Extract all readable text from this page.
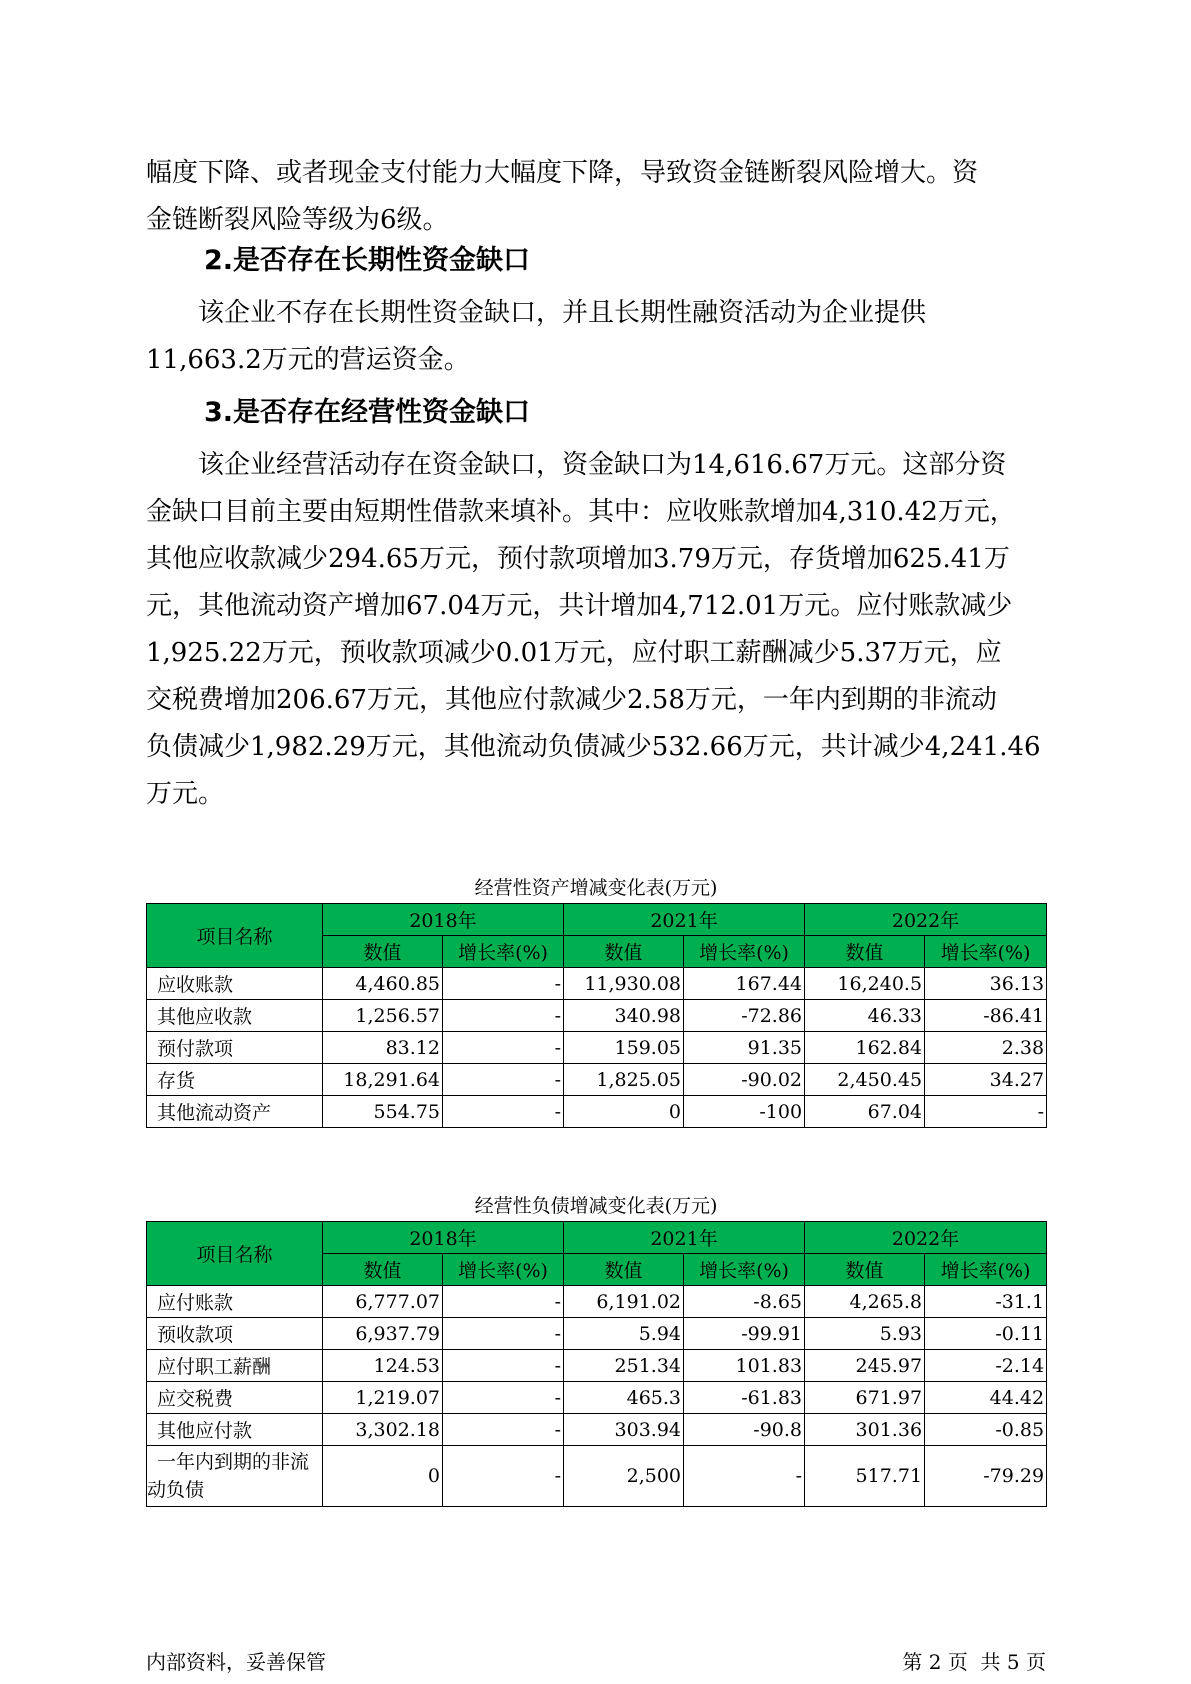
幅度下降、或者现金支付能力大幅度下降，导致资金链断裂风险增大。资
金链断裂风险等级为6级。
2.是否存在长期性资金缺口
　　该企业不存在长期性资金缺口，并且长期性融资活动为企业提供
11,663.2万元的营运资金。
3.是否存在经营性资金缺口
　　该企业经营活动存在资金缺口，资金缺口为14,616.67万元。这部分资
金缺口目前主要由短期性借款来填补。其中：应收账款增加4,310.42万元，
其他应收款减少294.65万元，预付款项增加3.79万元，存货增加625.41万
元，其他流动资产增加67.04万元，共计增加4,712.01万元。应付账款减少
1,925.22万元，预收款项减少0.01万元，应付职工薪酬减少5.37万元，应
交税费增加206.67万元，其他应付款减少2.58万元，一年内到期的非流动
负债减少1,982.29万元，其他流动负债减少532.66万元，共计减少4,241.46
万元。
经营性资产增减变化表(万元)
项目名称	2018年		2021年		2022年	
	数值	增长率(%)	数值	增长率(%)	数值	增长率(%)
应收账款	4,460.85	-	11,930.08	167.44	16,240.5	36.13
其他应收款	1,256.57	-	340.98	-72.86	46.33	-86.41
预付款项	83.12	-	159.05	91.35	162.84	2.38
存货	18,291.64	-	1,825.05	-90.02	2,450.45	34.27
其他流动资产	554.75	-	0	-100	67.04	-
经营性负债增减变化表(万元)
项目名称	2018年		2021年		2022年	
	数值	增长率(%)	数值	增长率(%)	数值	增长率(%)
应付账款	6,777.07	-	6,191.02	-8.65	4,265.8	-31.1
预收款项	6,937.79	-	5.94	-99.91	5.93	-0.11
应付职工薪酬	124.53	-	251.34	101.83	245.97	-2.14
应交税费	1,219.07	-	465.3	-61.83	671.97	44.42
其他应付款	3,302.18	-	303.94	-90.8	301.36	-0.85

一年内到期的非流
动负债	0	-	2,500	-	517.71	-79.29
内部资料，妥善保管	第 2 页  共 5 页
